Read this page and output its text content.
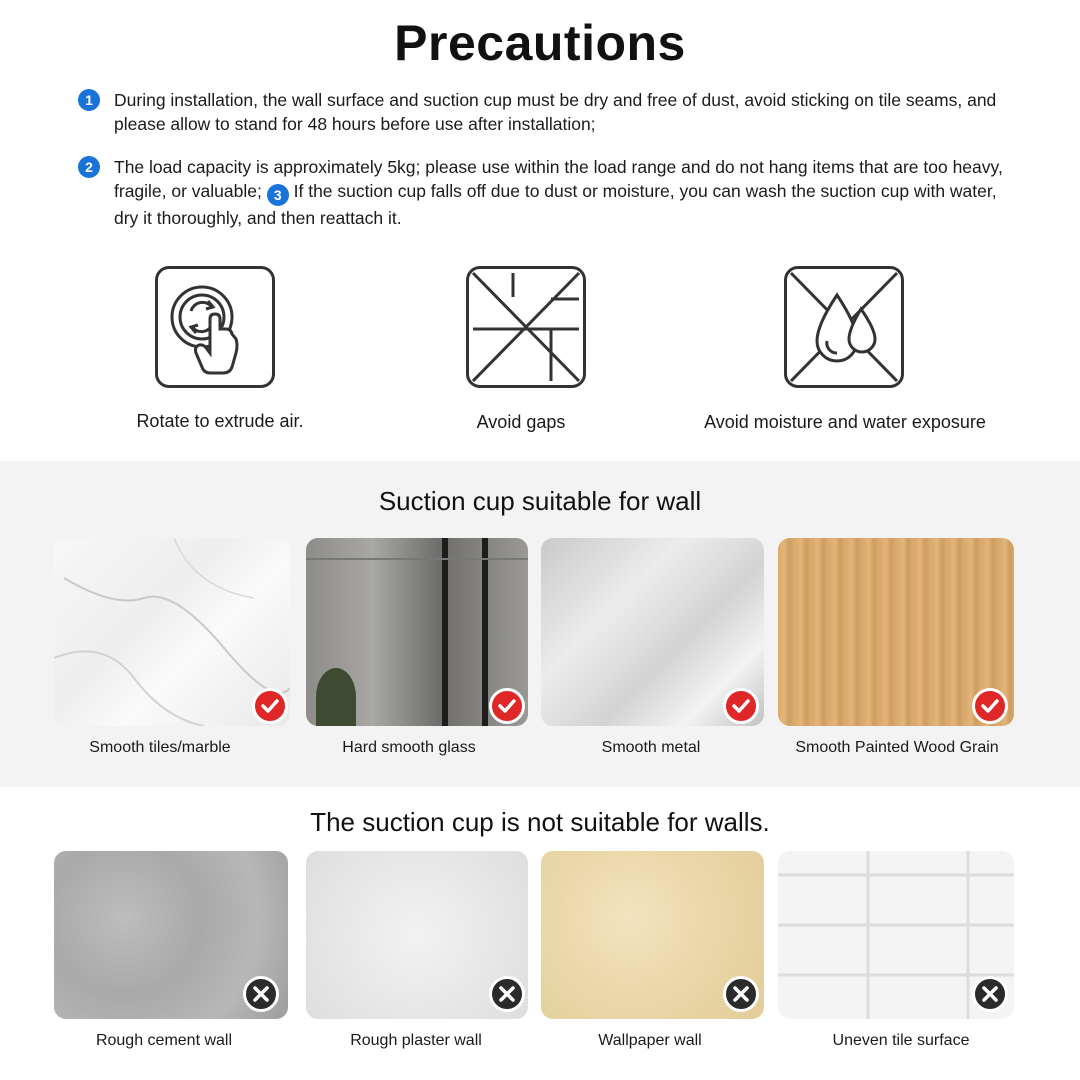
Precautions
1	During installation, the wall surface and suction cup must be dry and free of dust, avoid sticking on tile seams, and please allow to stand for 48 hours before use after installation;
2	The load capacity is approximately 5kg; please use within the load range and do not hang items that are too heavy, fragile, or valuable; 3 If the suction cup falls off due to dust or moisture, you can wash the suction cup with water, dry it thoroughly, and then reattach it.
Rotate to extrude air.	Avoid gaps	Avoid moisture and water exposure
Suction cup suitable for wall
Smooth tiles/marble	Hard smooth glass	Smooth metal	Smooth Painted Wood Grain
The suction cup is not suitable for walls.
Rough cement wall	Rough plaster wall	Wallpaper wall	Uneven tile surface
